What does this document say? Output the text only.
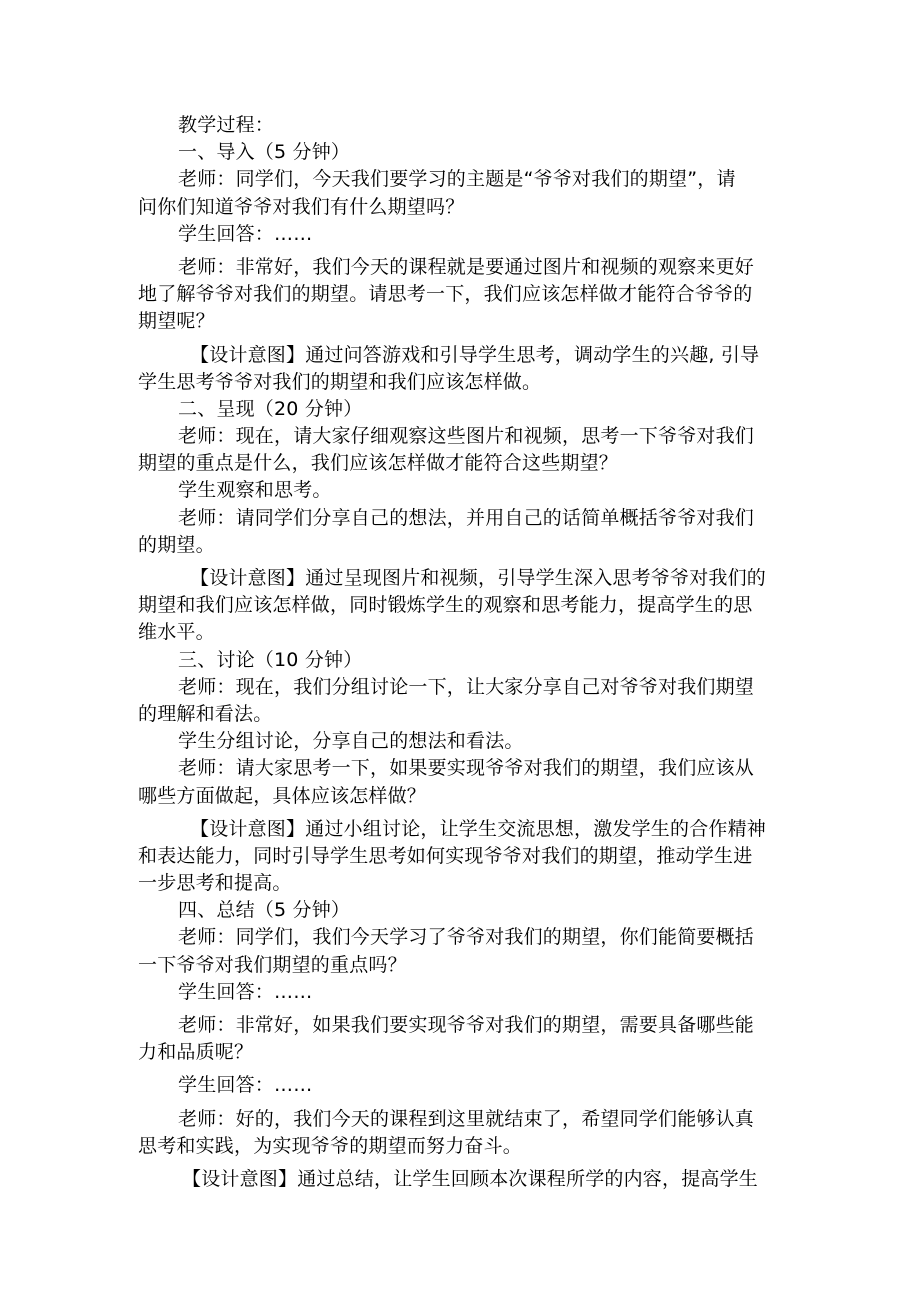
教学过程：
一、导入（5 分钟）
老师：同学们，今天我们要学习的主题是“爷爷对我们的期望”，请
问你们知道爷爷对我们有什么期望吗？
学生回答：……
老师：非常好，我们今天的课程就是要通过图片和视频的观察来更好
地了解爷爷对我们的期望。请思考一下，我们应该怎样做才能符合爷爷的
期望呢？
【设计意图】通过问答游戏和引导学生思考，调动学生的兴趣, 引导
学生思考爷爷对我们的期望和我们应该怎样做。
二、呈现（20 分钟）
老师：现在，请大家仔细观察这些图片和视频，思考一下爷爷对我们
期望的重点是什么，我们应该怎样做才能符合这些期望？
学生观察和思考。
老师：请同学们分享自己的想法，并用自己的话简单概括爷爷对我们
的期望。
【设计意图】通过呈现图片和视频，引导学生深入思考爷爷对我们的
期望和我们应该怎样做，同时锻炼学生的观察和思考能力，提高学生的思
维水平。
三、讨论（10 分钟）
老师：现在，我们分组讨论一下，让大家分享自己对爷爷对我们期望
的理解和看法。
学生分组讨论，分享自己的想法和看法。
老师：请大家思考一下，如果要实现爷爷对我们的期望，我们应该从
哪些方面做起，具体应该怎样做？
【设计意图】通过小组讨论，让学生交流思想，激发学生的合作精神
和表达能力，同时引导学生思考如何实现爷爷对我们的期望，推动学生进
一步思考和提高。
四、总结（5 分钟）
老师：同学们，我们今天学习了爷爷对我们的期望，你们能简要概括
一下爷爷对我们期望的重点吗？
学生回答：……
老师：非常好，如果我们要实现爷爷对我们的期望，需要具备哪些能
力和品质呢？
学生回答：……
老师：好的，我们今天的课程到这里就结束了，希望同学们能够认真
思考和实践，为实现爷爷的期望而努力奋斗。
【设计意图】通过总结，让学生回顾本次课程所学的内容，提高学生
